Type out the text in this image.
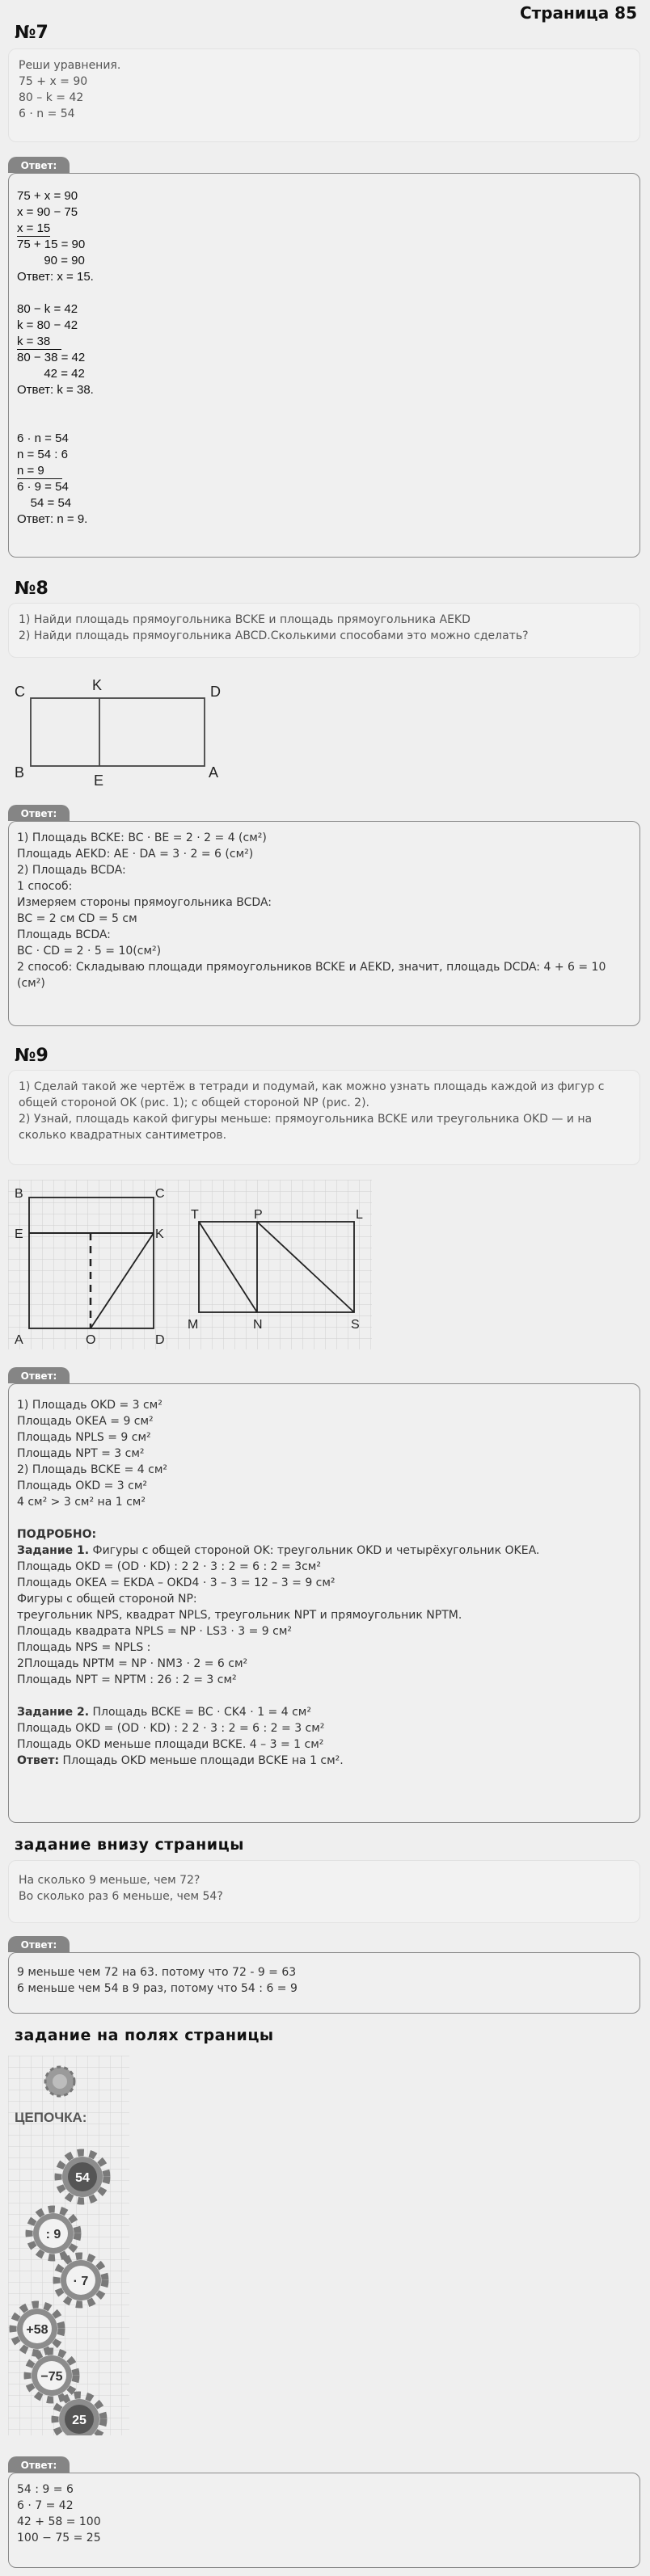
Страница 85
№7
Реши уравнения.
75 + x = 90
80 – k = 42
6 · n = 54
Ответ:
75 + x = 90
x = 90 − 75
x = 15
75 + 15 = 90
90 = 90
Ответ: x = 15.
80 − k = 42
k = 80 − 42
k = 38
80 − 38 = 42
42 = 42
Ответ: k = 38.
6 · n = 54
n = 54 : 6
n = 9
6 · 9 = 54
54 = 54
Ответ: n = 9.
№8
1) Найди площадь прямоугольника BCKE и площадь прямоугольника AEKD
2) Найди площадь прямоугольника ABCD.Сколькими способами это можно сделать?
C	K	D
B	E	A
Ответ:
1) Площадь BCKE: BC · BE = 2 · 2 = 4 (см²)
Площадь AEKD: AE · DA = 3 · 2 = 6 (см²)
2) Площадь BCDA:
1 способ:
Измеряем стороны прямоугольника BCDA:
BC = 2 см CD = 5 см
Площадь BCDA:
BC · CD = 2 · 5 = 10(см²)
2 способ: Складываю площади прямоугольников BCKE и AEKD, значит, площадь DCDA: 4 + 6 = 10
(см²)
№9
1) Сделай такой же чертёж в тетради и подумай, как можно узнать площадь каждой из фигур с
общей стороной OK (рис. 1); с общей стороной NP (рис. 2).
2) Узнай, площадь какой фигуры меньше: прямоугольника BCKE или треугольника OKD — и на
сколько квадратных сантиметров.
B	C
E	K
A	O	D
T	P	L
M	N	S
Ответ:
1) Площадь OKD = 3 см²
Площадь OKEA = 9 см²
Площадь NPLS = 9 см²
Площадь NPT = 3 см²
2) Площадь BCKE = 4 см²
Площадь OKD = 3 см²
4 см² > 3 см² на 1 см²
ПОДРОБНО:
Задание 1. Фигуры с общей стороной OK: треугольник OKD и четырёхугольник OKEA.
Площадь OKD = (OD · KD) : 2 2 · 3 : 2 = 6 : 2 = 3см²
Площадь OKEA = EKDA – OKD4 · 3 – 3 = 12 – 3 = 9 см²
Фигуры с общей стороной NP:
треугольник NPS, квадрат NPLS, треугольник NPT и прямоугольник NPTM.
Площадь квадрата NPLS = NP · LS3 · 3 = 9 см²
Площадь NPS = NPLS :
2Площадь NPTM = NP · NM3 · 2 = 6 см²
Площадь NPT = NPTM : 26 : 2 = 3 см²
Задание 2. Площадь BCKE = BC · CK4 · 1 = 4 см²
Площадь OKD = (OD · KD) : 2 2 · 3 : 2 = 6 : 2 = 3 см²
Площадь OKD меньше площади BCKE. 4 – 3 = 1 см²
Ответ: Площадь OKD меньше площади BCKE на 1 см².
задание внизу страницы
На сколько 9 меньше, чем 72?
Во сколько раз 6 меньше, чем 54?
Ответ:
9 меньше чем 72 на 63. потому что 72 - 9 = 63
6 меньше чем 54 в 9 раз, потому что 54 : 6 = 9
задание на полях страницы
ЦЕПОЧКА:
54
: 9
· 7
+58
−75
25
Ответ:
54 : 9 = 6
6 · 7 = 42
42 + 58 = 100
100 − 75 = 25
